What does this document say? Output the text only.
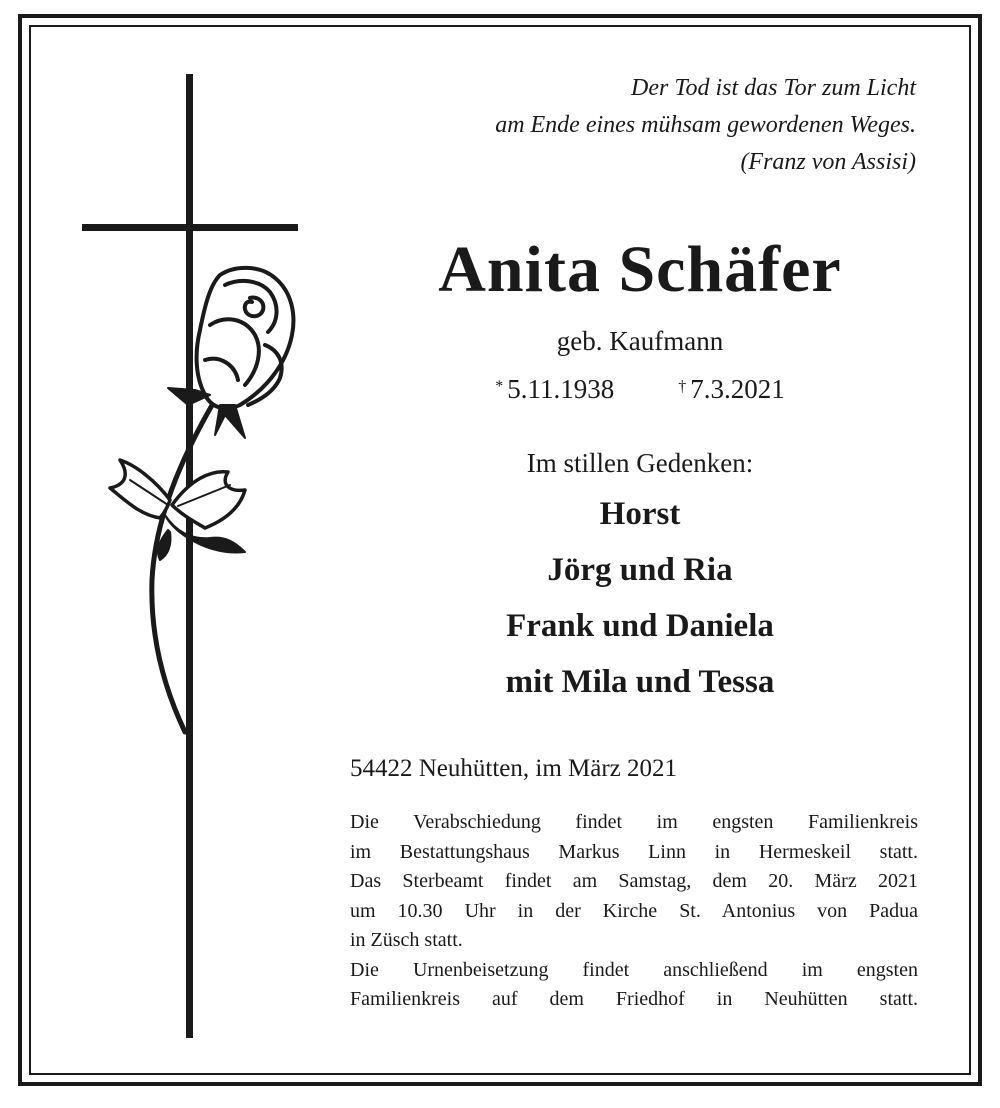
Der Tod ist das Tor zum Licht
am Ende eines mühsam gewordenen Weges.
(Franz von Assisi)
Anita Schäfer
geb. Kaufmann
* 5.11.1938	† 7.3.2021
Im stillen Gedenken:
Horst
Jörg und Ria
Frank und Daniela
mit Mila und Tessa
54422 Neuhütten, im März 2021
Die Verabschiedung findet im engsten Familienkreis
im Bestattungshaus Markus Linn in Hermeskeil statt.
Das Sterbeamt findet am Samstag, dem 20. März 2021
um 10.30 Uhr in der Kirche St. Antonius von Padua
in Züsch statt.
Die Urnenbeisetzung findet anschließend im engsten
Familienkreis auf dem Friedhof in Neuhütten statt.
